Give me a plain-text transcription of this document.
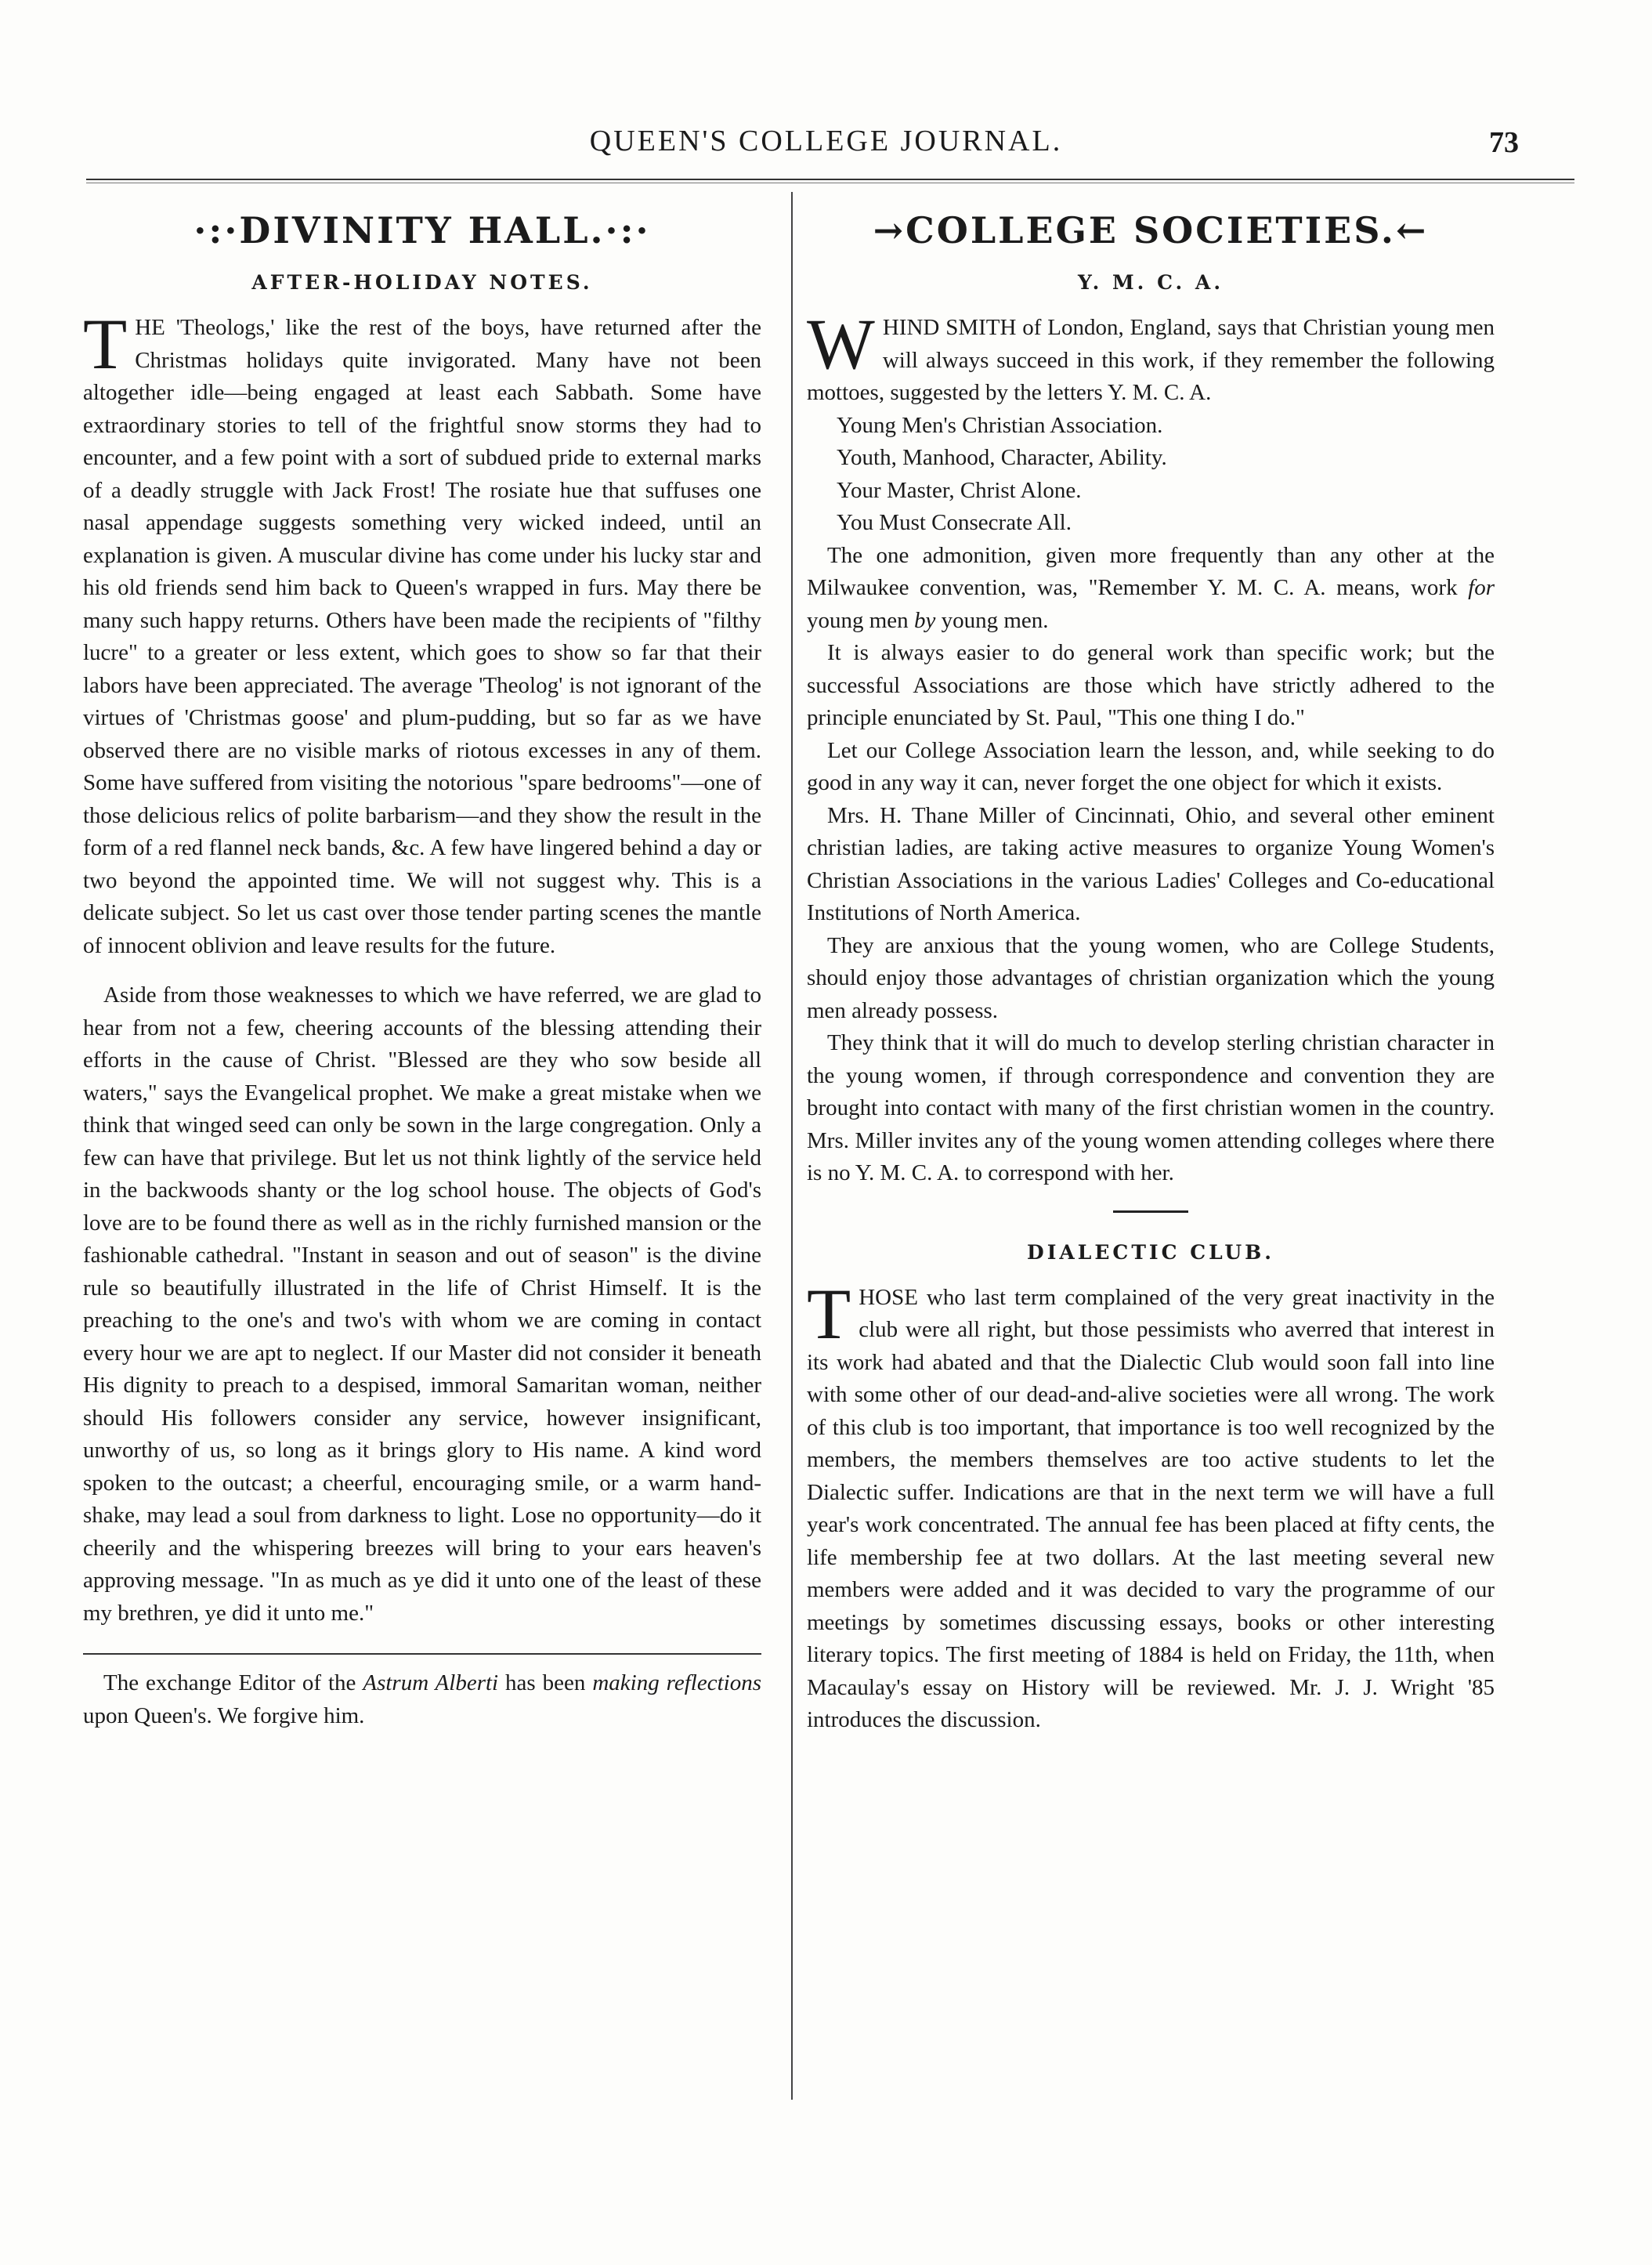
QUEEN'S COLLEGE JOURNAL.	73
·:·DIVINITY HALL.·:·
AFTER-HOLIDAY NOTES.

THE 'Theologs,' like the rest of the boys, have returned after the Christmas holidays quite invigorated. Many have not been altogether idle—being engaged at least each Sabbath. Some have extraordinary stories to tell of the frightful snow storms they had to encounter, and a few point with a sort of subdued pride to external marks of a deadly struggle with Jack Frost! The rosiate hue that suffuses one nasal appendage suggests something very wicked indeed, until an explanation is given. A muscular divine has come under his lucky star and his old friends send him back to Queen's wrapped in furs. May there be many such happy returns. Others have been made the recipients of "filthy lucre" to a greater or less extent, which goes to show so far that their labors have been appreciated. The average 'Theolog' is not ignorant of the virtues of 'Christmas goose' and plum-pudding, but so far as we have observed there are no visible marks of riotous excesses in any of them. Some have suffered from visiting the notorious "spare bedrooms"—one of those delicious relics of polite barbarism—and they show the result in the form of a red flannel neck bands, &c. A few have lingered behind a day or two beyond the appointed time. We will not suggest why. This is a delicate subject. So let us cast over those tender parting scenes the mantle of innocent oblivion and leave results for the future.

Aside from those weaknesses to which we have referred, we are glad to hear from not a few, cheering accounts of the blessing attending their efforts in the cause of Christ. "Blessed are they who sow beside all waters," says the Evangelical prophet. We make a great mistake when we think that winged seed can only be sown in the large congregation. Only a few can have that privilege. But let us not think lightly of the service held in the backwoods shanty or the log school house. The objects of God's love are to be found there as well as in the richly furnished mansion or the fashionable cathedral. "Instant in season and out of season" is the divine rule so beautifully illustrated in the life of Christ Himself. It is the preaching to the one's and two's with whom we are coming in contact every hour we are apt to neglect. If our Master did not consider it beneath His dignity to preach to a despised, immoral Samaritan woman, neither should His followers consider any service, however insignificant, unworthy of us, so long as it brings glory to His name. A kind word spoken to the outcast; a cheerful, encouraging smile, or a warm hand-shake, may lead a soul from darkness to light. Lose no opportunity—do it cheerily and the whispering breezes will bring to your ears heaven's approving message. "In as much as ye did it unto one of the least of these my brethren, ye did it unto me."

The exchange Editor of the Astrum Alberti has been making reflections upon Queen's. We forgive him.

→COLLEGE SOCIETIES.←
Y. M. C. A.

WHIND SMITH of London, England, says that Christian young men will always succeed in this work, if they remember the following mottoes, suggested by the letters Y. M. C. A.

Young Men's Christian Association.

Youth, Manhood, Character, Ability.

Your Master, Christ Alone.

You Must Consecrate All.

The one admonition, given more frequently than any other at the Milwaukee convention, was, "Remember Y. M. C. A. means, work for young men by young men.

It is always easier to do general work than specific work; but the successful Associations are those which have strictly adhered to the principle enunciated by St. Paul, "This one thing I do."

Let our College Association learn the lesson, and, while seeking to do good in any way it can, never forget the one object for which it exists.

Mrs. H. Thane Miller of Cincinnati, Ohio, and several other eminent christian ladies, are taking active measures to organize Young Women's Christian Associations in the various Ladies' Colleges and Co-educational Institutions of North America.

They are anxious that the young women, who are College Students, should enjoy those advantages of christian organization which the young men already possess.

They think that it will do much to develop sterling christian character in the young women, if through correspondence and convention they are brought into contact with many of the first christian women in the country. Mrs. Miller invites any of the young women attending colleges where there is no Y. M. C. A. to correspond with her.

DIALECTIC CLUB.

THOSE who last term complained of the very great inactivity in the club were all right, but those pessimists who averred that interest in its work had abated and that the Dialectic Club would soon fall into line with some other of our dead-and-alive societies were all wrong. The work of this club is too important, that importance is too well recognized by the members, the members themselves are too active students to let the Dialectic suffer. Indications are that in the next term we will have a full year's work concentrated. The annual fee has been placed at fifty cents, the life membership fee at two dollars. At the last meeting several new members were added and it was decided to vary the programme of our meetings by sometimes discussing essays, books or other interesting literary topics. The first meeting of 1884 is held on Friday, the 11th, when Macaulay's essay on History will be reviewed. Mr. J. J. Wright '85 introduces the discussion.
